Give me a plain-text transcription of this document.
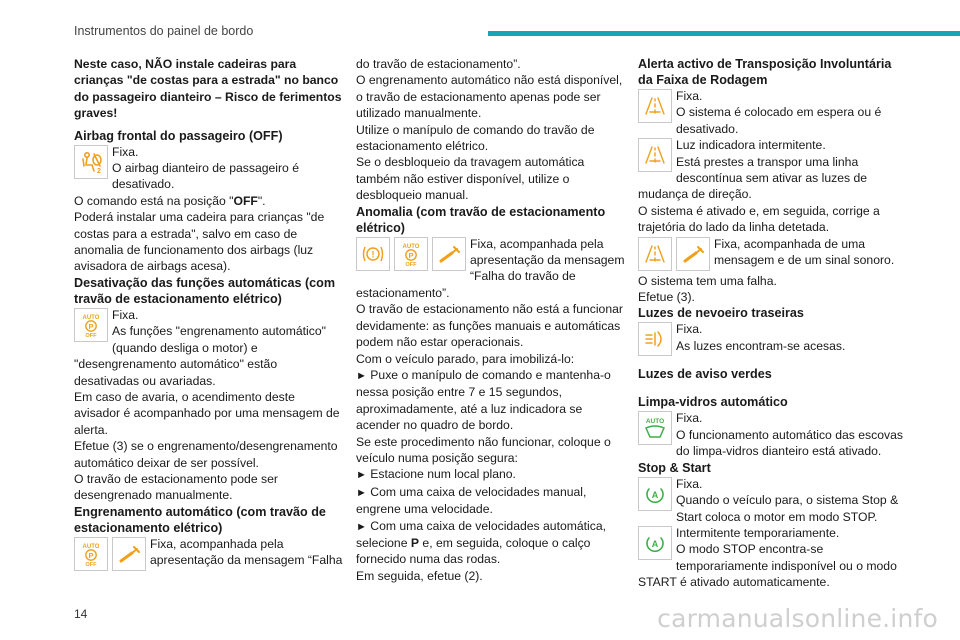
Instrumentos do painel de bordo

Neste caso, NÃO instale cadeiras para crianças "de costas para a estrada" no banco do passageiro dianteiro – Risco de ferimentos graves!

Airbag frontal do passageiro (OFF)

2

Fixa.

O airbag dianteiro de passageiro é desativado.

O comando está na posição "OFF".

Poderá instalar uma cadeira para crianças "de costas para a estrada", salvo em caso de anomalia de funcionamento dos airbags (luz avisadora de airbags acesa).

Desativação das funções automáticas (com travão de estacionamento elétrico)

AUTO
P
OFF

Fixa.

As funções "engrenamento automático" (quando desliga o motor) e "desengrenamento automático" estão desativadas ou avariadas.

Em caso de avaria, o acendimento deste avisador é acompanhado por uma mensagem de alerta.

Efetue (3) se o engrenamento/desengrenamento automático deixar de ser possível.

O travão de estacionamento pode ser desengrenado manualmente.

Engrenamento automático (com travão de estacionamento elétrico)

AUTO
P
OFF

Fixa, acompanhada pela apresentação da mensagem “Falha

do travão de estacionamento”.

O engrenamento automático não está disponível, o travão de estacionamento apenas pode ser utilizado manualmente.

Utilize o manípulo de comando do travão de estacionamento elétrico.

Se o desbloqueio da travagem automática também não estiver disponível, utilize o desbloqueio manual.

Anomalia (com travão de estacionamento elétrico)

!
AUTO
P
OFF

Fixa, acompanhada pela apresentação da mensagem “Falha do travão de estacionamento”.

O travão de estacionamento não está a funcionar devidamente: as funções manuais e automáticas podem não estar operacionais.

Com o veículo parado, para imobilizá-lo:

► Puxe o manípulo de comando e mantenha-o nessa posição entre 7 e 15 segundos, aproximadamente, até a luz indicadora se acender no quadro de bordo.

Se este procedimento não funcionar, coloque o veículo numa posição segura:

► Estacione num local plano.

► Com uma caixa de velocidades manual, engrene uma velocidade.

► Com uma caixa de velocidades automática, selecione P e, em seguida, coloque o calço fornecido numa das rodas.

Em seguida, efetue (2).

Alerta activo de Transposição Involuntária da Faixa de Rodagem

Fixa.

O sistema é colocado em espera ou é desativado.

Luz indicadora intermitente.

Está prestes a transpor uma linha descontínua sem ativar as luzes de mudança de direção.

O sistema é ativado e, em seguida, corrige a trajetória do lado da linha detetada.

Fixa, acompanhada de uma mensagem e de um sinal sonoro.

O sistema tem uma falha.

Efetue (3).

Luzes de nevoeiro traseiras

Fixa.

As luzes encontram-se acesas.

Luzes de aviso verdes

Limpa-vidros automático

AUTO Fixa.

O funcionamento automático das escovas do limpa-vidros dianteiro está ativado.

Stop & Start

A

Fixa.

Quando o veículo para, o sistema Stop & Start coloca o motor em modo STOP.

A

Intermitente temporariamente.

O modo STOP encontra-se temporariamente indisponível ou o modo START é ativado automaticamente.

14	carmanualsonline.info
